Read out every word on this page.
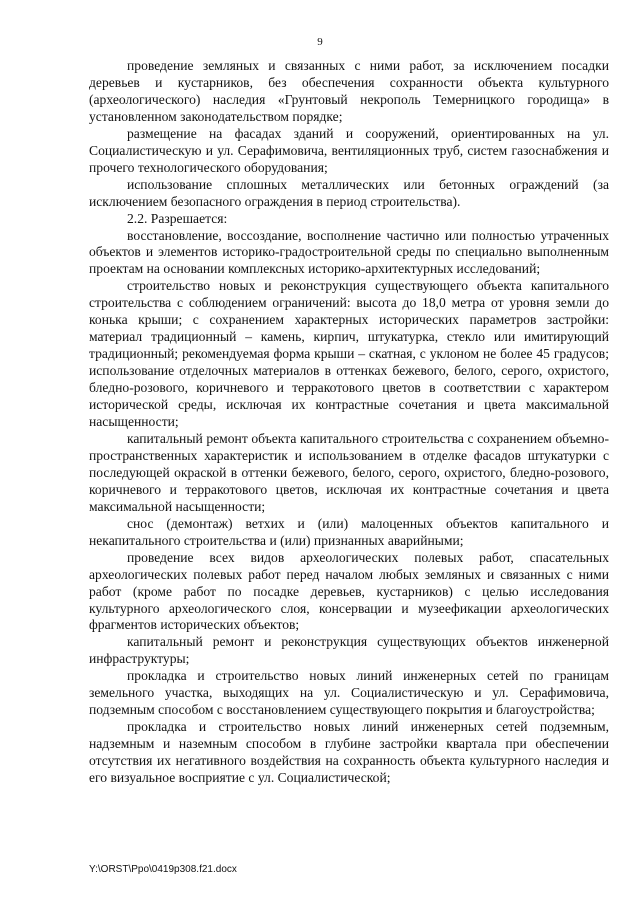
9

проведение земляных и связанных с ними работ, за исключением посадки деревьев и кустарников, без обеспечения сохранности объекта культурного (археологического) наследия «Грунтовый некрополь Темерницкого городища» в установленном законодательством порядке;

размещение на фасадах зданий и сооружений, ориентированных на ул. Социалистическую и ул. Серафимовича, вентиляционных труб, систем газоснабжения и прочего технологического оборудования;

использование сплошных металлических или бетонных ограждений (за исключением безопасного ограждения в период строительства).

2.2. Разрешается:

восстановление, воссоздание, восполнение частично или полностью утраченных объектов и элементов историко-градостроительной среды по специально выполненным проектам на основании комплексных историко-архитектурных исследований;

строительство новых и реконструкция существующего объекта капитального строительства с соблюдением ограничений: высота до 18,0 метра от уровня земли до конька крыши; с сохранением характерных исторических параметров застройки: материал традиционный – камень, кирпич, штукатурка, стекло или имитирующий традиционный; рекомендуемая форма крыши – скатная, с уклоном не более 45 градусов; использование отделочных материалов в оттенках бежевого, белого, серого, охристого, бледно-розового, коричневого и терракотового цветов в соответствии с характером исторической среды, исключая их контрастные сочетания и цвета максимальной насыщенности;

капитальный ремонт объекта капитального строительства с сохранением объемно-пространственных характеристик и использованием в отделке фасадов штукатурки с последующей окраской в оттенки бежевого, белого, серого, охристого, бледно-розового, коричневого и терракотового цветов, исключая их контрастные сочетания и цвета максимальной насыщенности;

снос (демонтаж) ветхих и (или) малоценных объектов капитального и некапитального строительства и (или) признанных аварийными;

проведение всех видов археологических полевых работ, спасательных археологических полевых работ перед началом любых земляных и связанных с ними работ (кроме работ по посадке деревьев, кустарников) с целью исследования культурного археологического слоя, консервации и музеефикации археологических фрагментов исторических объектов;

капитальный ремонт и реконструкция существующих объектов инженерной инфраструктуры;

прокладка и строительство новых линий инженерных сетей по границам земельного участка, выходящих на ул. Социалистическую и ул. Серафимовича, подземным способом с восстановлением существующего покрытия и благоустройства;

прокладка и строительство новых линий инженерных сетей подземным, надземным и наземным способом в глубине застройки квартала при обеспечении отсутствия их негативного воздействия на сохранность объекта культурного наследия и его визуальное восприятие с ул. Социалистической;

Y:\ORST\Ppo\0419p308.f21.docx
